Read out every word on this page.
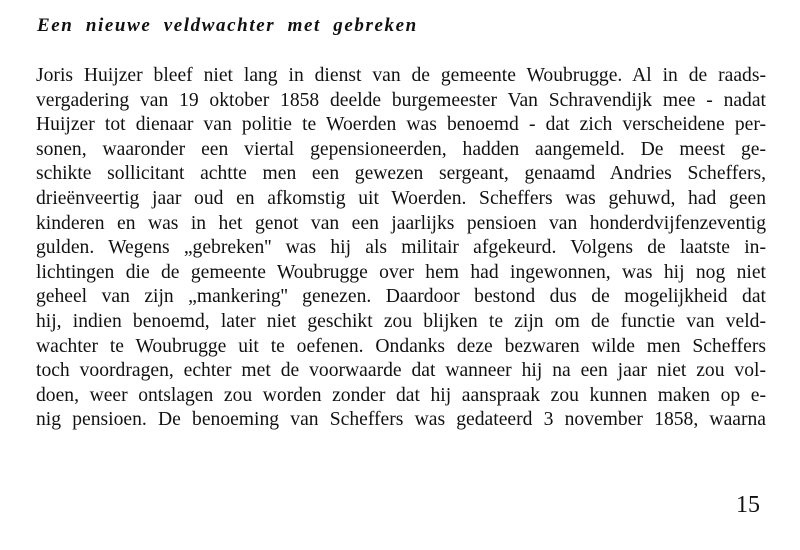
Een nieuwe veldwachter met gebreken
Joris Huijzer bleef niet lang in dienst van de gemeente Woubrugge. Al in de raads-
vergadering van 19 oktober 1858 deelde burgemeester Van Schravendijk mee - nadat
Huijzer tot dienaar van politie te Woerden was benoemd - dat zich verscheidene per-
sonen, waaronder een viertal gepensioneerden, hadden aangemeld. De meest ge-
schikte sollicitant achtte men een gewezen sergeant, genaamd Andries Scheffers,
drieënveertig jaar oud en afkomstig uit Woerden. Scheffers was gehuwd, had geen
kinderen en was in het genot van een jaarlijks pensioen van honderdvijfenzeventig
gulden. Wegens „gebreken'' was hij als militair afgekeurd. Volgens de laatste in-
lichtingen die de gemeente Woubrugge over hem had ingewonnen, was hij nog niet
geheel van zijn „mankering'' genezen. Daardoor bestond dus de mogelijkheid dat
hij, indien benoemd, later niet geschikt zou blijken te zijn om de functie van veld-
wachter te Woubrugge uit te oefenen. Ondanks deze bezwaren wilde men Scheffers
toch voordragen, echter met de voorwaarde dat wanneer hij na een jaar niet zou vol-
doen, weer ontslagen zou worden zonder dat hij aanspraak zou kunnen maken op e-
nig pensioen. De benoeming van Scheffers was gedateerd 3 november 1858, waarna

15
